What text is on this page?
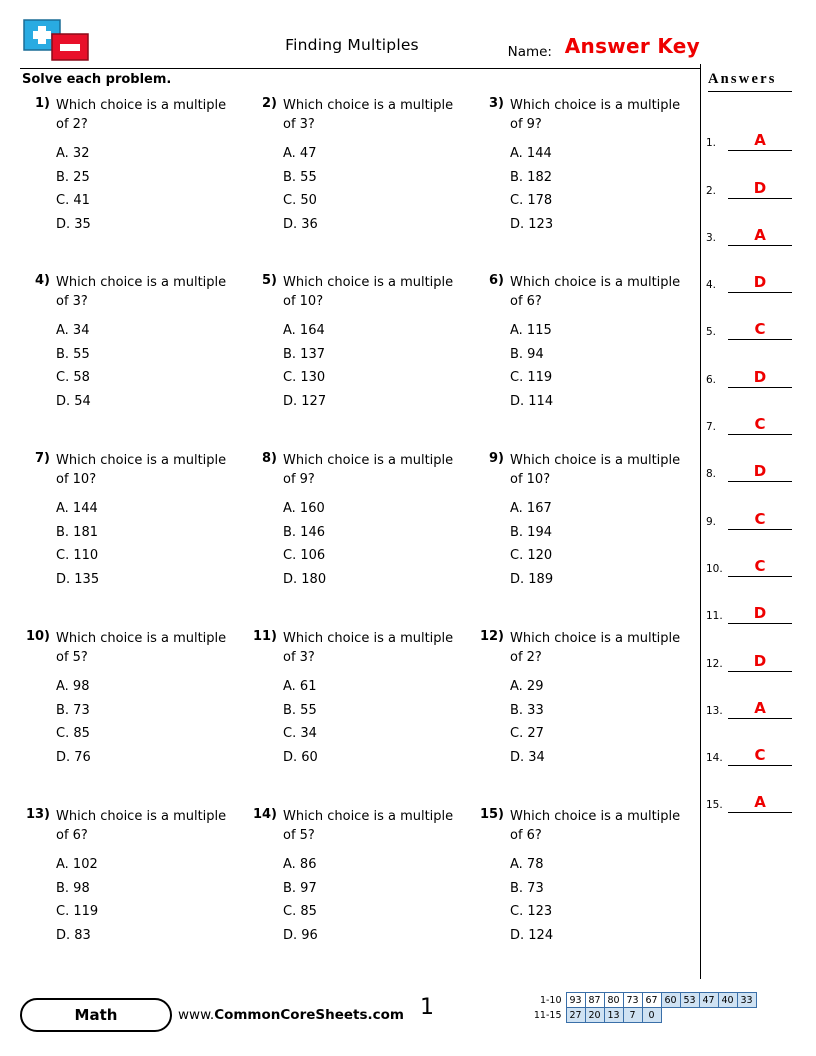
Finding Multiples	Name: Answer Key
Solve each problem.	Answers
1.	A
2.	D
3.	A
4.	D
5.	C
6.	D
7.	C
8.	D
9.	C
10.	C
11.	D
12.	D
13.	A
14.	C
15.	A
1) Which choice is a multiple of 2?
A. 32
B. 25
C. 41
D. 35
2) Which choice is a multiple of 3?
A. 47
B. 55
C. 50
D. 36
3) Which choice is a multiple of 9?
A. 144
B. 182
C. 178
D. 123
4) Which choice is a multiple of 3?
A. 34
B. 55
C. 58
D. 54
5) Which choice is a multiple of 10?
A. 164
B. 137
C. 130
D. 127
6) Which choice is a multiple of 6?
A. 115
B. 94
C. 119
D. 114
7) Which choice is a multiple of 10?
A. 144
B. 181
C. 110
D. 135
8) Which choice is a multiple of 9?
A. 160
B. 146
C. 106
D. 180
9) Which choice is a multiple of 10?
A. 167
B. 194
C. 120
D. 189
10) Which choice is a multiple of 5?
A. 98
B. 73
C. 85
D. 76
11) Which choice is a multiple of 3?
A. 61
B. 55
C. 34
D. 60
12) Which choice is a multiple of 2?
A. 29
B. 33
C. 27
D. 34
13) Which choice is a multiple of 6?
A. 102
B. 98
C. 119
D. 83
14) Which choice is a multiple of 5?
A. 86
B. 97
C. 85
D. 96
15) Which choice is a multiple of 6?
A. 78
B. 73
C. 123
D. 124
Math	www.CommonCoreSheets.com 1	1-10	93	87	80	73	67	60	53	47	40	33
11-15	27	20	13	7	0					
